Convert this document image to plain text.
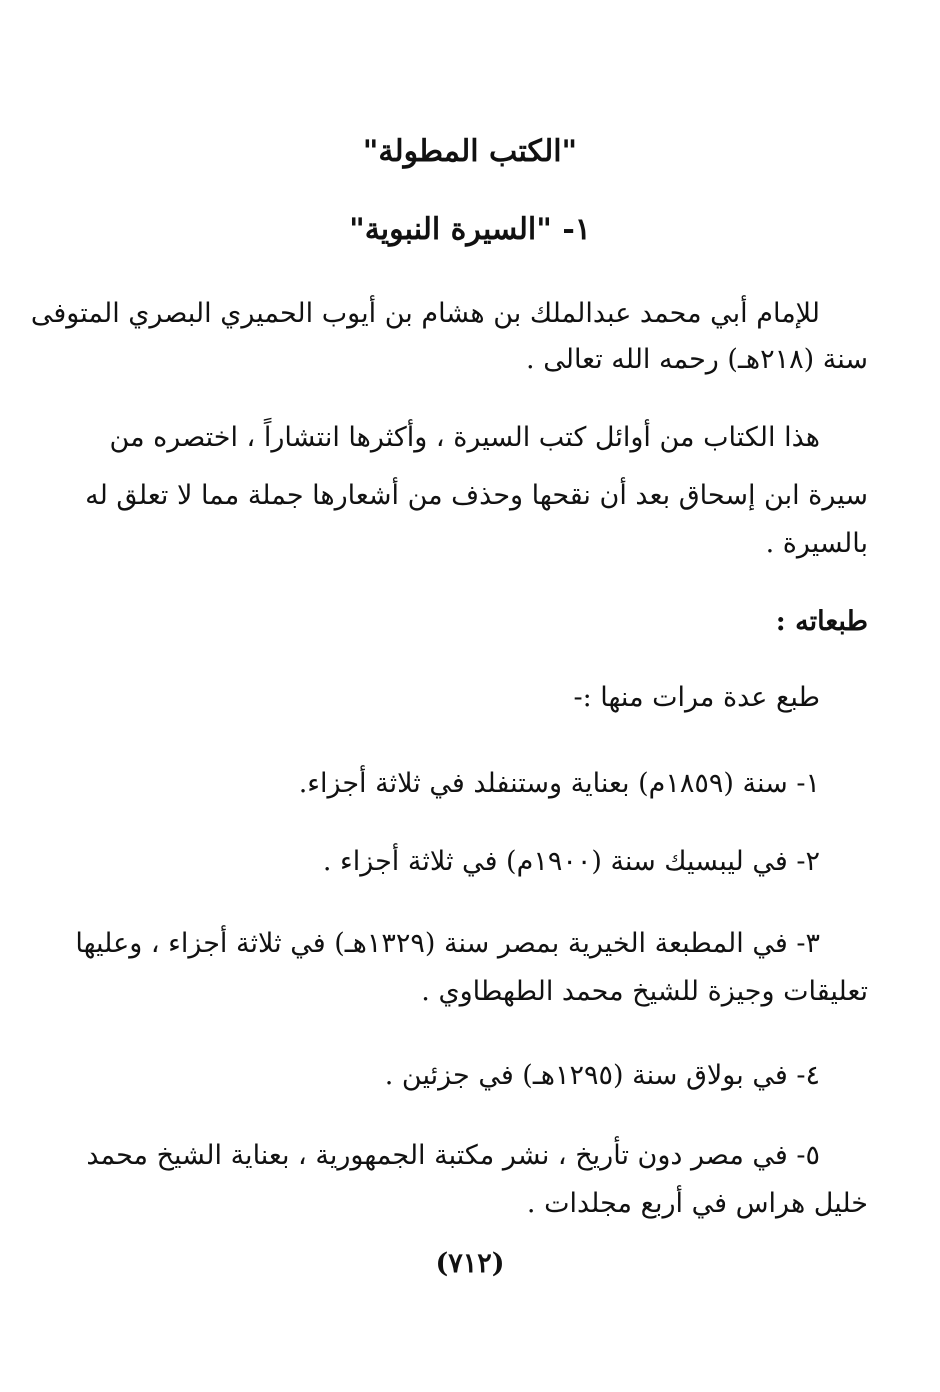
"الكتب المطولة"
١- "السيرة النبوية"
للإمام أبي محمد عبدالملك بن هشام بن أيوب الحميري البصري المتوفى
سنة (٢١٨هـ) رحمه الله تعالى .
هذا الكتاب من أوائل كتب السيرة ، وأكثرها انتشاراً ، اختصره من
سيرة ابن إسحاق بعد أن نقحها وحذف من أشعارها جملة مما لا تعلق له
بالسيرة .
طبعاته :
طبع عدة مرات منها :-
١- سنة (١٨٥٩م) بعناية وستنفلد في ثلاثة أجزاء.
٢- في ليبسيك سنة (١٩٠٠م) في ثلاثة أجزاء .
٣- في المطبعة الخيرية بمصر سنة (١٣٢٩هـ) في ثلاثة أجزاء ، وعليها
تعليقات وجيزة للشيخ محمد الطهطاوي .
٤- في بولاق سنة (١٢٩٥هـ) في جزئين .
٥- في مصر دون تأريخ ، نشر مكتبة الجمهورية ، بعناية الشيخ محمد
خليل هراس في أربع مجلدات .
(٧١٢)
